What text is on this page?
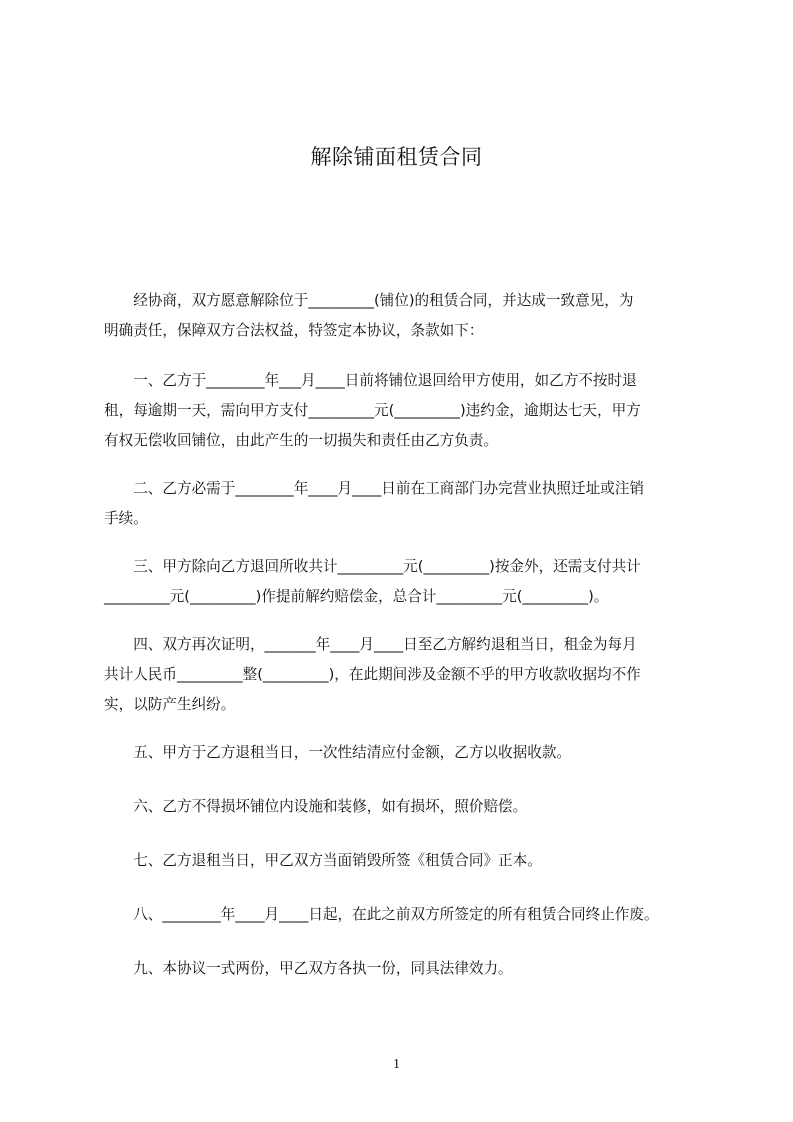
解除铺面租赁合同
　　经协商，双方愿意解除位于_________(铺位)的租赁合同，并达成一致意见，为
明确责任，保障双方合法权益，特签定本协议，条款如下：
　　一、乙方于________年___月____日前将铺位退回给甲方使用，如乙方不按时退
租，每逾期一天，需向甲方支付_________元(_________)违约金，逾期达七天，甲方
有权无偿收回铺位，由此产生的一切损失和责任由乙方负责。
　　二、乙方必需于________年____月____日前在工商部门办完营业执照迁址或注销
手续。
　　三、甲方除向乙方退回所收共计_________元(_________)按金外，还需支付共计
_________元(_________)作提前解约赔偿金，总合计_________元(_________)。
　　四、双方再次证明，_______年____月____日至乙方解约退租当日，租金为每月
共计人民币_________整(_________)，在此期间涉及金额不乎的甲方收款收据均不作
实，以防产生纠纷。
　　五、甲方于乙方退租当日，一次性结清应付金额，乙方以收据收款。
　　六、乙方不得损坏铺位内设施和装修，如有损坏，照价赔偿。
　　七、乙方退租当日，甲乙双方当面销毁所签《租赁合同》正本。
　　八、________年____月____日起，在此之前双方所签定的所有租赁合同终止作废。
　　九、本协议一式两份，甲乙双方各执一份，同具法律效力。
1
